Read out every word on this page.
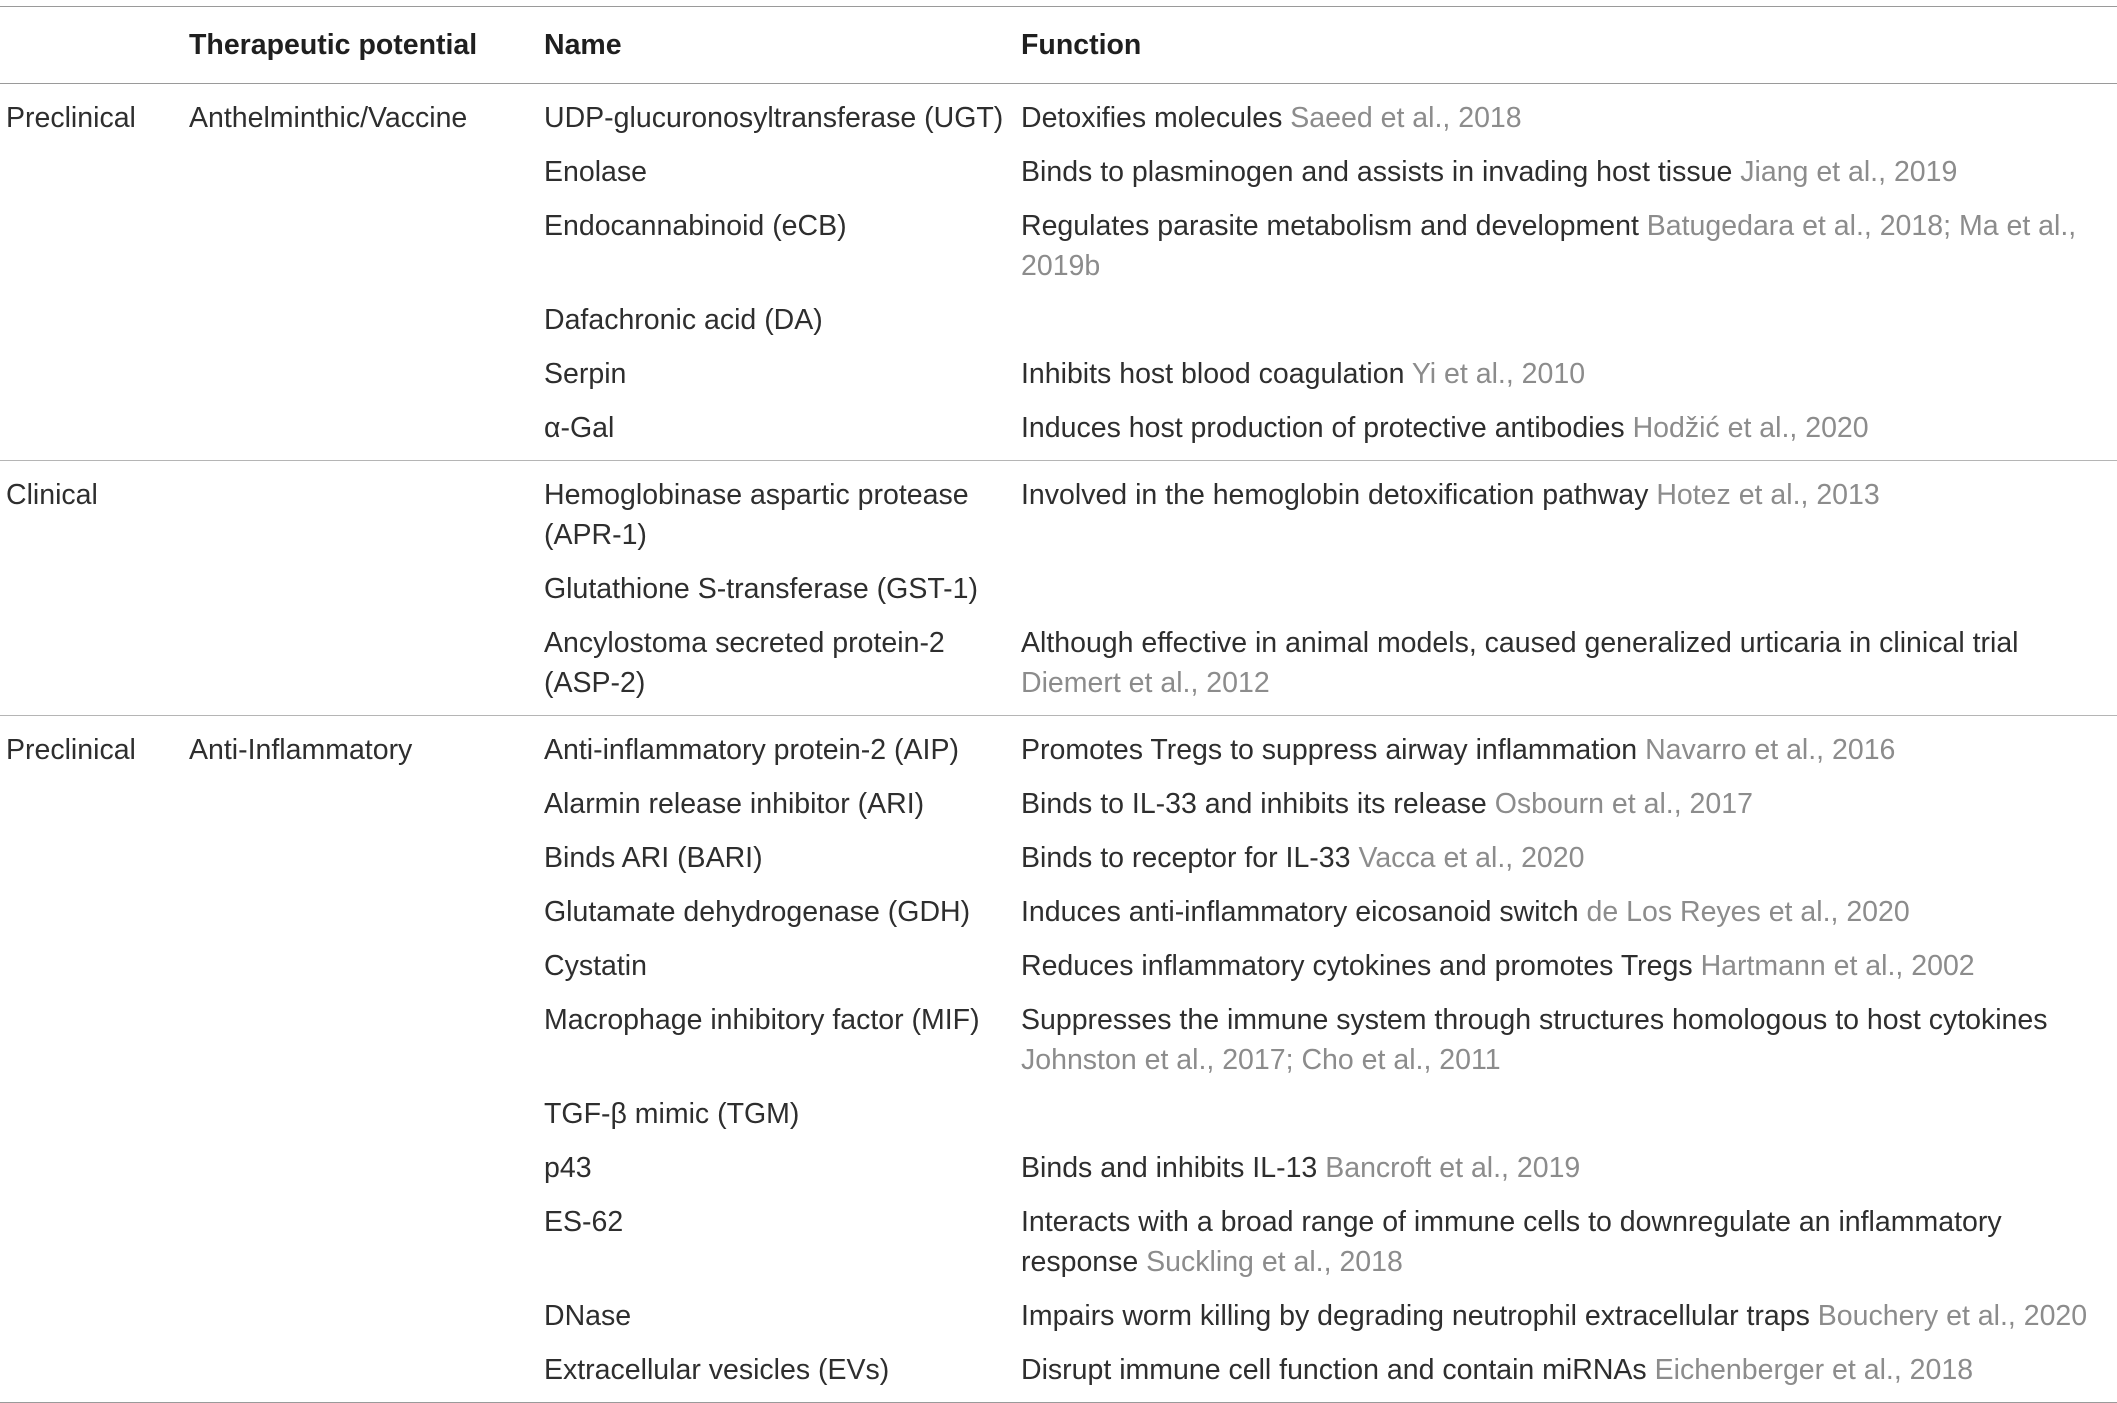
	Therapeutic potential	Name	Function
Preclinical	Anthelminthic/Vaccine	UDP-glucuronosyltransferase (UGT)	Detoxifies molecules Saeed et al., 2018
		Enolase	Binds to plasminogen and assists in invading host tissue Jiang et al., 2019
		Endocannabinoid (eCB)	Regulates parasite metabolism and development Batugedara et al., 2018; Ma et al., 2019b
		Dafachronic acid (DA)	
		Serpin	Inhibits host blood coagulation Yi et al., 2010
		α-Gal	Induces host production of protective antibodies Hodžić et al., 2020
Clinical		Hemoglobinase aspartic protease (APR-1)	Involved in the hemoglobin detoxification pathway Hotez et al., 2013
		Glutathione S-transferase (GST-1)	
		Ancylostoma secreted protein-2 (ASP-2)	Although effective in animal models, caused generalized urticaria in clinical trial Diemert et al., 2012
Preclinical	Anti-Inflammatory	Anti-inflammatory protein-2 (AIP)	Promotes Tregs to suppress airway inflammation Navarro et al., 2016
		Alarmin release inhibitor (ARI)	Binds to IL-33 and inhibits its release Osbourn et al., 2017
		Binds ARI (BARI)	Binds to receptor for IL-33 Vacca et al., 2020
		Glutamate dehydrogenase (GDH)	Induces anti-inflammatory eicosanoid switch de Los Reyes et al., 2020
		Cystatin	Reduces inflammatory cytokines and promotes Tregs Hartmann et al., 2002
		Macrophage inhibitory factor (MIF)	Suppresses the immune system through structures homologous to host cytokines Johnston et al., 2017; Cho et al., 2011
		TGF-β mimic (TGM)	
		p43	Binds and inhibits IL-13 Bancroft et al., 2019
		ES-62	Interacts with a broad range of immune cells to downregulate an inflammatory response Suckling et al., 2018
		DNase	Impairs worm killing by degrading neutrophil extracellular traps Bouchery et al., 2020
		Extracellular vesicles (EVs)	Disrupt immune cell function and contain miRNAs Eichenberger et al., 2018
